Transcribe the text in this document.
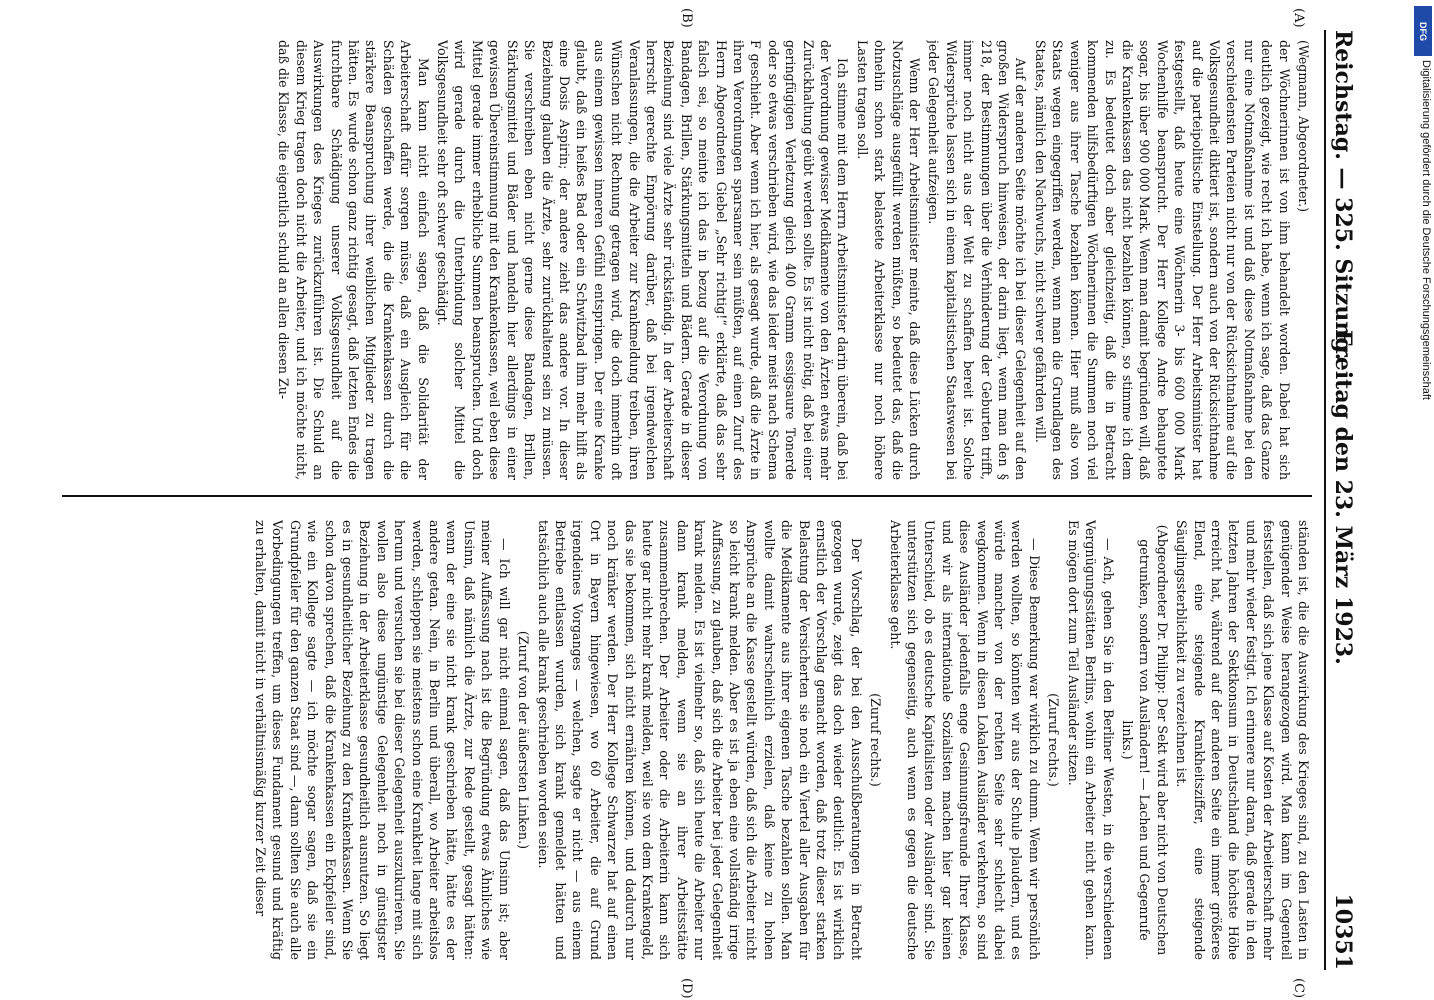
Reichstag. — 325. Sitzung.
Freitag den 23. März 1923.
10351
(A)
(B)
(C)
(D)

(Wegmann, Abgeordneter.)

der Wöchnerinnen ist von ihm behandelt worden. Dabei hat sich deutlich gezeigt, wie recht ich habe, wenn ich sage, daß das Ganze nur eine Notmaßnahme ist und daß diese Notmaßnahme bei den verschiedensten Parteien nicht nur von der Rücksichtnahme auf die Volksgesundheit diktiert ist, sondern auch von der Rücksichtnahme auf die parteipolitische Einstellung. Der Herr Arbeitsminister hat festgestellt, daß heute eine Wöchnerin 3- bis 600 000 Mark Wochenhilfe beansprucht. Der Herr Kollege Andre behauptete sogar, bis über 900 000 Mark. Wenn man damit begründen will, daß die Krankenkassen das nicht bezahlen können, so stimme ich dem zu. Es bedeutet doch aber gleichzeitig, daß die in Betracht kommenden hilfsbedürftigen Wöchnerinnen die Summen noch viel weniger aus ihrer Tasche bezahlen können. Hier muß also von Staats wegen eingegriffen werden, wenn man die Grundlagen des Staates, nämlich den Nachwuchs, nicht schwer gefährden will.

Auf der anderen Seite möchte ich bei dieser Gelegenheit auf den großen Widerspruch hinweisen, der darin liegt, wenn man den § 218, der Bestimmungen über die Verhinderung der Geburten trifft, immer noch nicht aus der Welt zu schaffen bereit ist. Solche Widersprüche lassen sich in einem kapitalistischen Staatswesen bei jeder Gelegenheit aufzeigen.

Wenn der Herr Arbeitsminister meinte, daß diese Lücken durch Notzuschläge ausgefüllt werden müßten, so bedeutet das, daß die ohnehin schon stark belastete Arbeiterklasse nur noch höhere Lasten tragen soll.

Ich stimme mit dem Herrn Arbeitsminister darin überein, daß bei der Verordnung gewisser Medikamente von den Ärzten etwas mehr Zurückhaltung geübt werden sollte. Es ist nicht nötig, daß bei einer geringfügigen Verletzung gleich 400 Gramm essigsaure Tonerde oder so etwas verschrieben wird, wie das leider meist nach Schema F geschieht. Aber wenn ich hier, als gesagt wurde, daß die Ärzte in ihren Verordnungen sparsamer sein müßten, auf einen Zuruf des Herrn Abgeordneten Giebel „Sehr richtig!“ erklärte, daß das sehr falsch sei, so meinte ich das in bezug auf die Verordnung von Bandagen, Brillen, Stärkungsmitteln und Bädern. Gerade in dieser Beziehung sind viele Ärzte sehr rückständig. In der Arbeiterschaft herrscht gerechte Empörung darüber, daß bei irgendwelchen Veranlassungen, die die Arbeiter zur Krankmeldung treiben, ihren Wünschen nicht Rechnung getragen wird, die doch immerhin oft aus einem gewissen inneren Gefühl entspringen. Der eine Kranke glaubt, daß ein heißes Bad oder ein Schwitzbad ihm mehr hilft als eine Dosis Aspirin; der andere zieht das andere vor. In dieser Beziehung glauben die Ärzte, sehr zurückhaltend sein zu müssen. Sie verschreiben eben nicht gerne diese Bandagen, Brillen, Stärkungsmittel und Bäder und handeln hier allerdings in einer gewissen Übereinstimmung mit den Krankenkassen, weil eben diese Mittel gerade immer erhebliche Summen beanspruchen. Und doch wird gerade durch die Unterbindung solcher Mittel die Volksgesundheit sehr oft schwer geschädigt.

Man kann nicht einfach sagen, daß die Solidarität der Arbeiterschaft dafür sorgen müsse, daß ein Ausgleich für die Schäden geschaffen werde, die die Krankenkassen durch die stärkere Beanspruchung ihrer weiblichen Mitglieder zu tragen hätten. Es wurde schon ganz richtig gesagt, daß letzten Endes die furchtbare Schädigung unserer Volksgesundheit auf die Auswirkungen des Krieges zurückzuführen ist. Die Schuld an diesem Krieg tragen doch nicht die Arbeiter, und ich möchte nicht, daß die Klasse, die eigentlich schuld an allen diesen Zu-

ständen ist, die die Auswirkung des Krieges sind, zu den Lasten in genügender Weise herangezogen wird. Man kann im Gegenteil feststellen, daß sich jene Klasse auf Kosten der Arbeiterschaft mehr und mehr wieder festigt. Ich erinnere nur daran, daß gerade in den letzten Jahren der Sektkonsum in Deutschland die höchste Höhe erreicht hat, während auf der anderen Seite ein immer größeres Elend, eine steigende Krankheitsziffer, eine steigende Säuglingssterblichkeit zu verzeichnen ist.

(Abgeordneter Dr. Philipp: Der Sekt wird aber nicht von Deutschen getrunken, sondern von Ausländern! — Lachen und Gegenrufe links.)

— Ach, gehen Sie in den Berliner Westen, in die verschiedenen Vergnügungsstätten Berlins, wohin ein Arbeiter nicht gehen kann. Es mögen dort zum Teil Ausländer sitzen.

(Zuruf rechts.)

— Diese Bemerkung war wirklich zu dumm. Wenn wir persönlich werden wollten, so könnten wir aus der Schule plaudern, und es würde mancher von der rechten Seite sehr schlecht dabei wegkommen. Wenn in diesen Lokalen Ausländer verkehren, so sind diese Ausländer jedenfalls enge Gesinnungsfreunde Ihrer Klasse, und wir als internationale Sozialisten machen hier gar keinen Unterschied, ob es deutsche Kapitalisten oder Ausländer sind. Sie unterstützen sich gegenseitig, auch wenn es gegen die deutsche Arbeiterklasse geht.

(Zuruf rechts.)

Der Vorschlag, der bei den Ausschußberatungen in Betracht gezogen wurde, zeigt das doch wieder deutlich: Es ist wirklich ernstlich der Vorschlag gemacht worden, daß trotz dieser starken Belastung der Versicherten sie noch ein Viertel aller Ausgaben für die Medikamente aus ihrer eigenen Tasche bezahlen sollen. Man wollte damit wahrscheinlich erzielen, daß keine zu hohen Ansprüche an die Kasse gestellt würden, daß sich die Arbeiter nicht so leicht krank melden. Aber es ist ja eben eine vollständig irrige Auffassung, zu glauben, daß sich die Arbeiter bei jeder Gelegenheit krank melden. Es ist vielmehr so, daß sich heute die Arbeiter nur dann krank melden, wenn sie an ihrer Arbeitsstätte zusammenbrechen. Der Arbeiter oder die Arbeiterin kann sich heute gar nicht mehr krank melden, weil sie von dem Krankengeld, das sie bekommen, sich nicht ernähren können, und dadurch nur noch kränker werden. Der Herr Kollege Schwarzer hat auf einen Ort in Bayern hingewiesen, wo 60 Arbeiter, die auf Grund irgendeines Vorganges — welchen, sagte er nicht — aus einem Betriebe entlassen wurden, sich krank gemeldet hätten und tatsächlich auch alle krank geschrieben worden seien.

(Zuruf von der äußersten Linken.)

— Ich will gar nicht einmal sagen, daß das Unsinn ist; aber meiner Auffassung nach ist die Begründung etwas Ähnliches wie Unsinn, daß nämlich die Ärzte, zur Rede gestellt, gesagt hätten: wenn der eine sie nicht krank geschrieben hätte, hätte es der andere getan. Nein, in Berlin und überall, wo Arbeiter arbeitslos werden, schleppen sie meistens schon eine Krankheit lange mit sich herum und versuchen sie bei dieser Gelegenheit auszukurieren. Sie wollen also diese ungünstige Gelegenheit noch in günstigster Beziehung in der Arbeiterklasse gesundheitlich ausnutzen. So liegt es in gesundheitlicher Beziehung zu den Krankenkassen. Wenn Sie schon davon sprechen, daß die Krankenkassen ein Eckpfeiler sind, wie ein Kollege sagte — ich möchte sogar sagen, daß sie ein Grundpfeiler für den ganzen Staat sind —, dann sollten Sie auch alle Vorbedingungen treffen, um dieses Fundament gesund und kräftig zu erhalten, damit nicht in verhältnismäßig kurzer Zeit dieser

DFG
Digitalisierung gefördert durch die Deutsche Forschungsgemeinschaft
